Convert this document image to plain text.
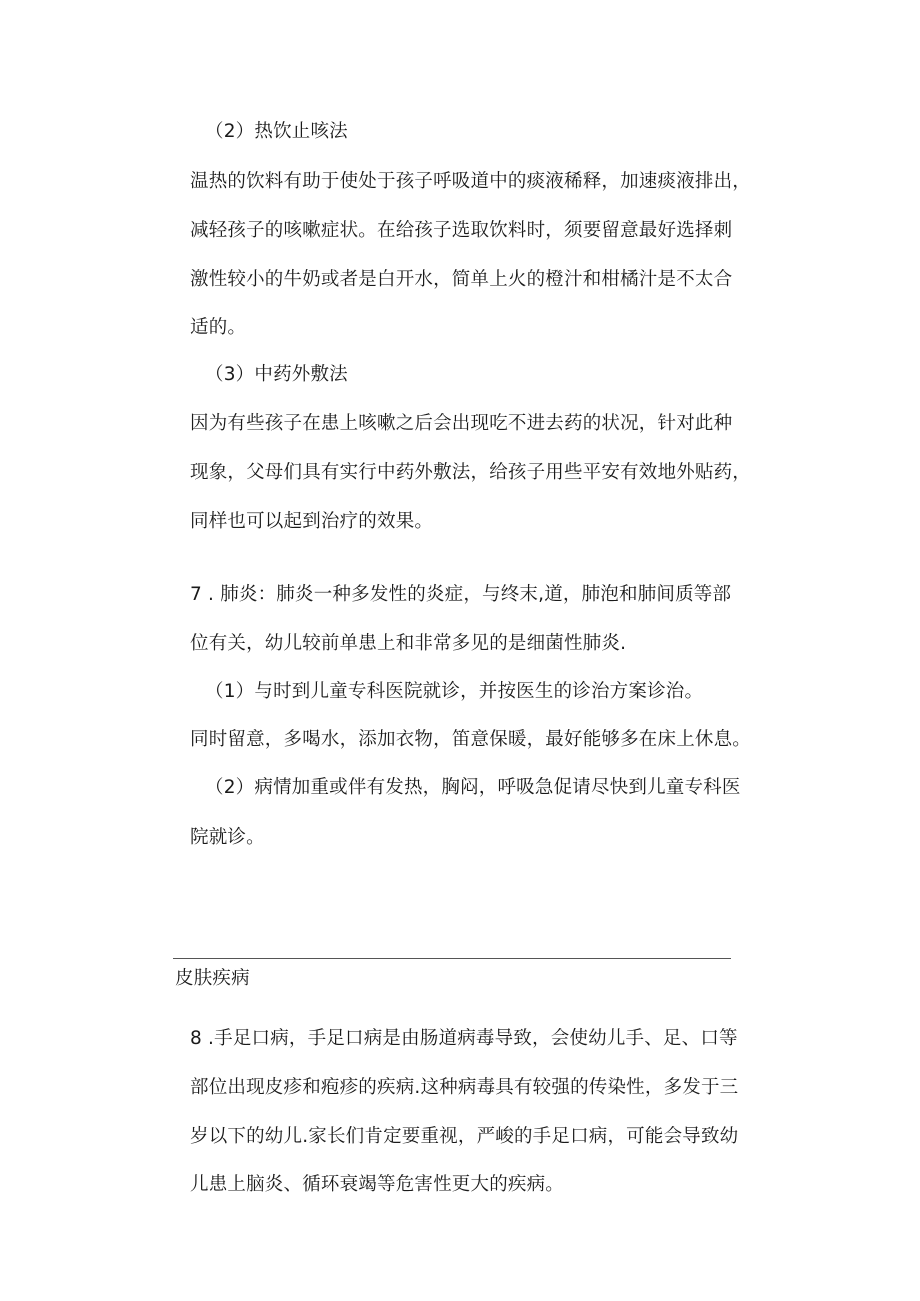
（2）热饮止咳法
温热的饮料有助于使处于孩子呼吸道中的痰液稀释，加速痰液排出，
减轻孩子的咳嗽症状。在给孩子选取饮料时，须要留意最好选择刺
激性较小的牛奶或者是白开水，简单上火的橙汁和柑橘汁是不太合
适的。
（3）中药外敷法
因为有些孩子在患上咳嗽之后会出现吃不进去药的状况，针对此种
现象，父母们具有实行中药外敷法，给孩子用些平安有效地外贴药，
同样也可以起到治疗的效果。
7 . 肺炎：肺炎一种多发性的炎症，与终末,道，肺泡和肺间质等部
位有关，幼儿较前单患上和非常多见的是细菌性肺炎.
（1）与时到儿童专科医院就诊，并按医生的诊治方案诊治。
同时留意，多喝水，添加衣物，笛意保暖，最好能够多在床上休息。
（2）病情加重或伴有发热，胸闷，呼吸急促请尽快到儿童专科医
院就诊。
皮肤疾病
8 .手足口病，手足口病是由肠道病毒导致，会使幼儿手、足、口等
部位出现皮疹和疱疹的疾病.这种病毒具有较强的传染性，多发于三
岁以下的幼儿.家长们肯定要重视，严峻的手足口病，可能会导致幼
儿患上脑炎、循环衰竭等危害性更大的疾病。
